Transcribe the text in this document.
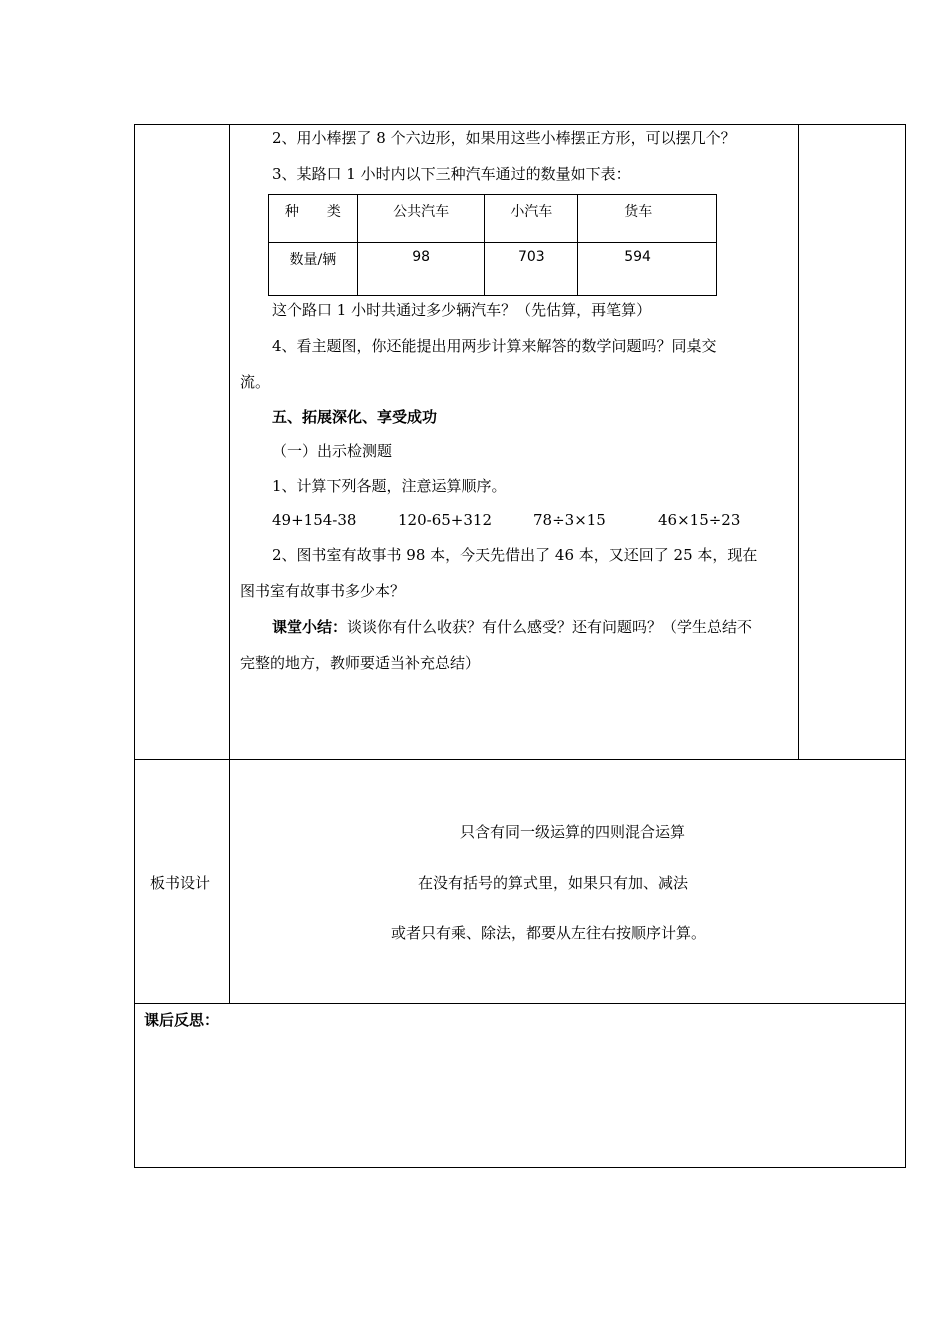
2、用小棒摆了 8 个六边形，如果用这些小棒摆正方形，可以摆几个？
3、某路口 1 小时内以下三种汽车通过的数量如下表：
种　　类	公共汽车	小汽车	货车
数量/辆	98	703	594
这个路口 1 小时共通过多少辆汽车？（先估算，再笔算）
4、看主题图，你还能提出用两步计算来解答的数学问题吗？同桌交
流。
五、拓展深化、享受成功
（一）出示检测题
1、计算下列各题，注意运算顺序。
49+154-38	120-65+312	78÷3×15	46×15÷23
2、图书室有故事书 98 本，今天先借出了 46 本，又还回了 25 本，现在
图书室有故事书多少本？
课堂小结：谈谈你有什么收获？有什么感受？还有问题吗？（学生总结不
完整的地方，教师要适当补充总结）
板书设计
只含有同一级运算的四则混合运算
在没有括号的算式里，如果只有加、减法
或者只有乘、除法，都要从左往右按顺序计算。
课后反思：
